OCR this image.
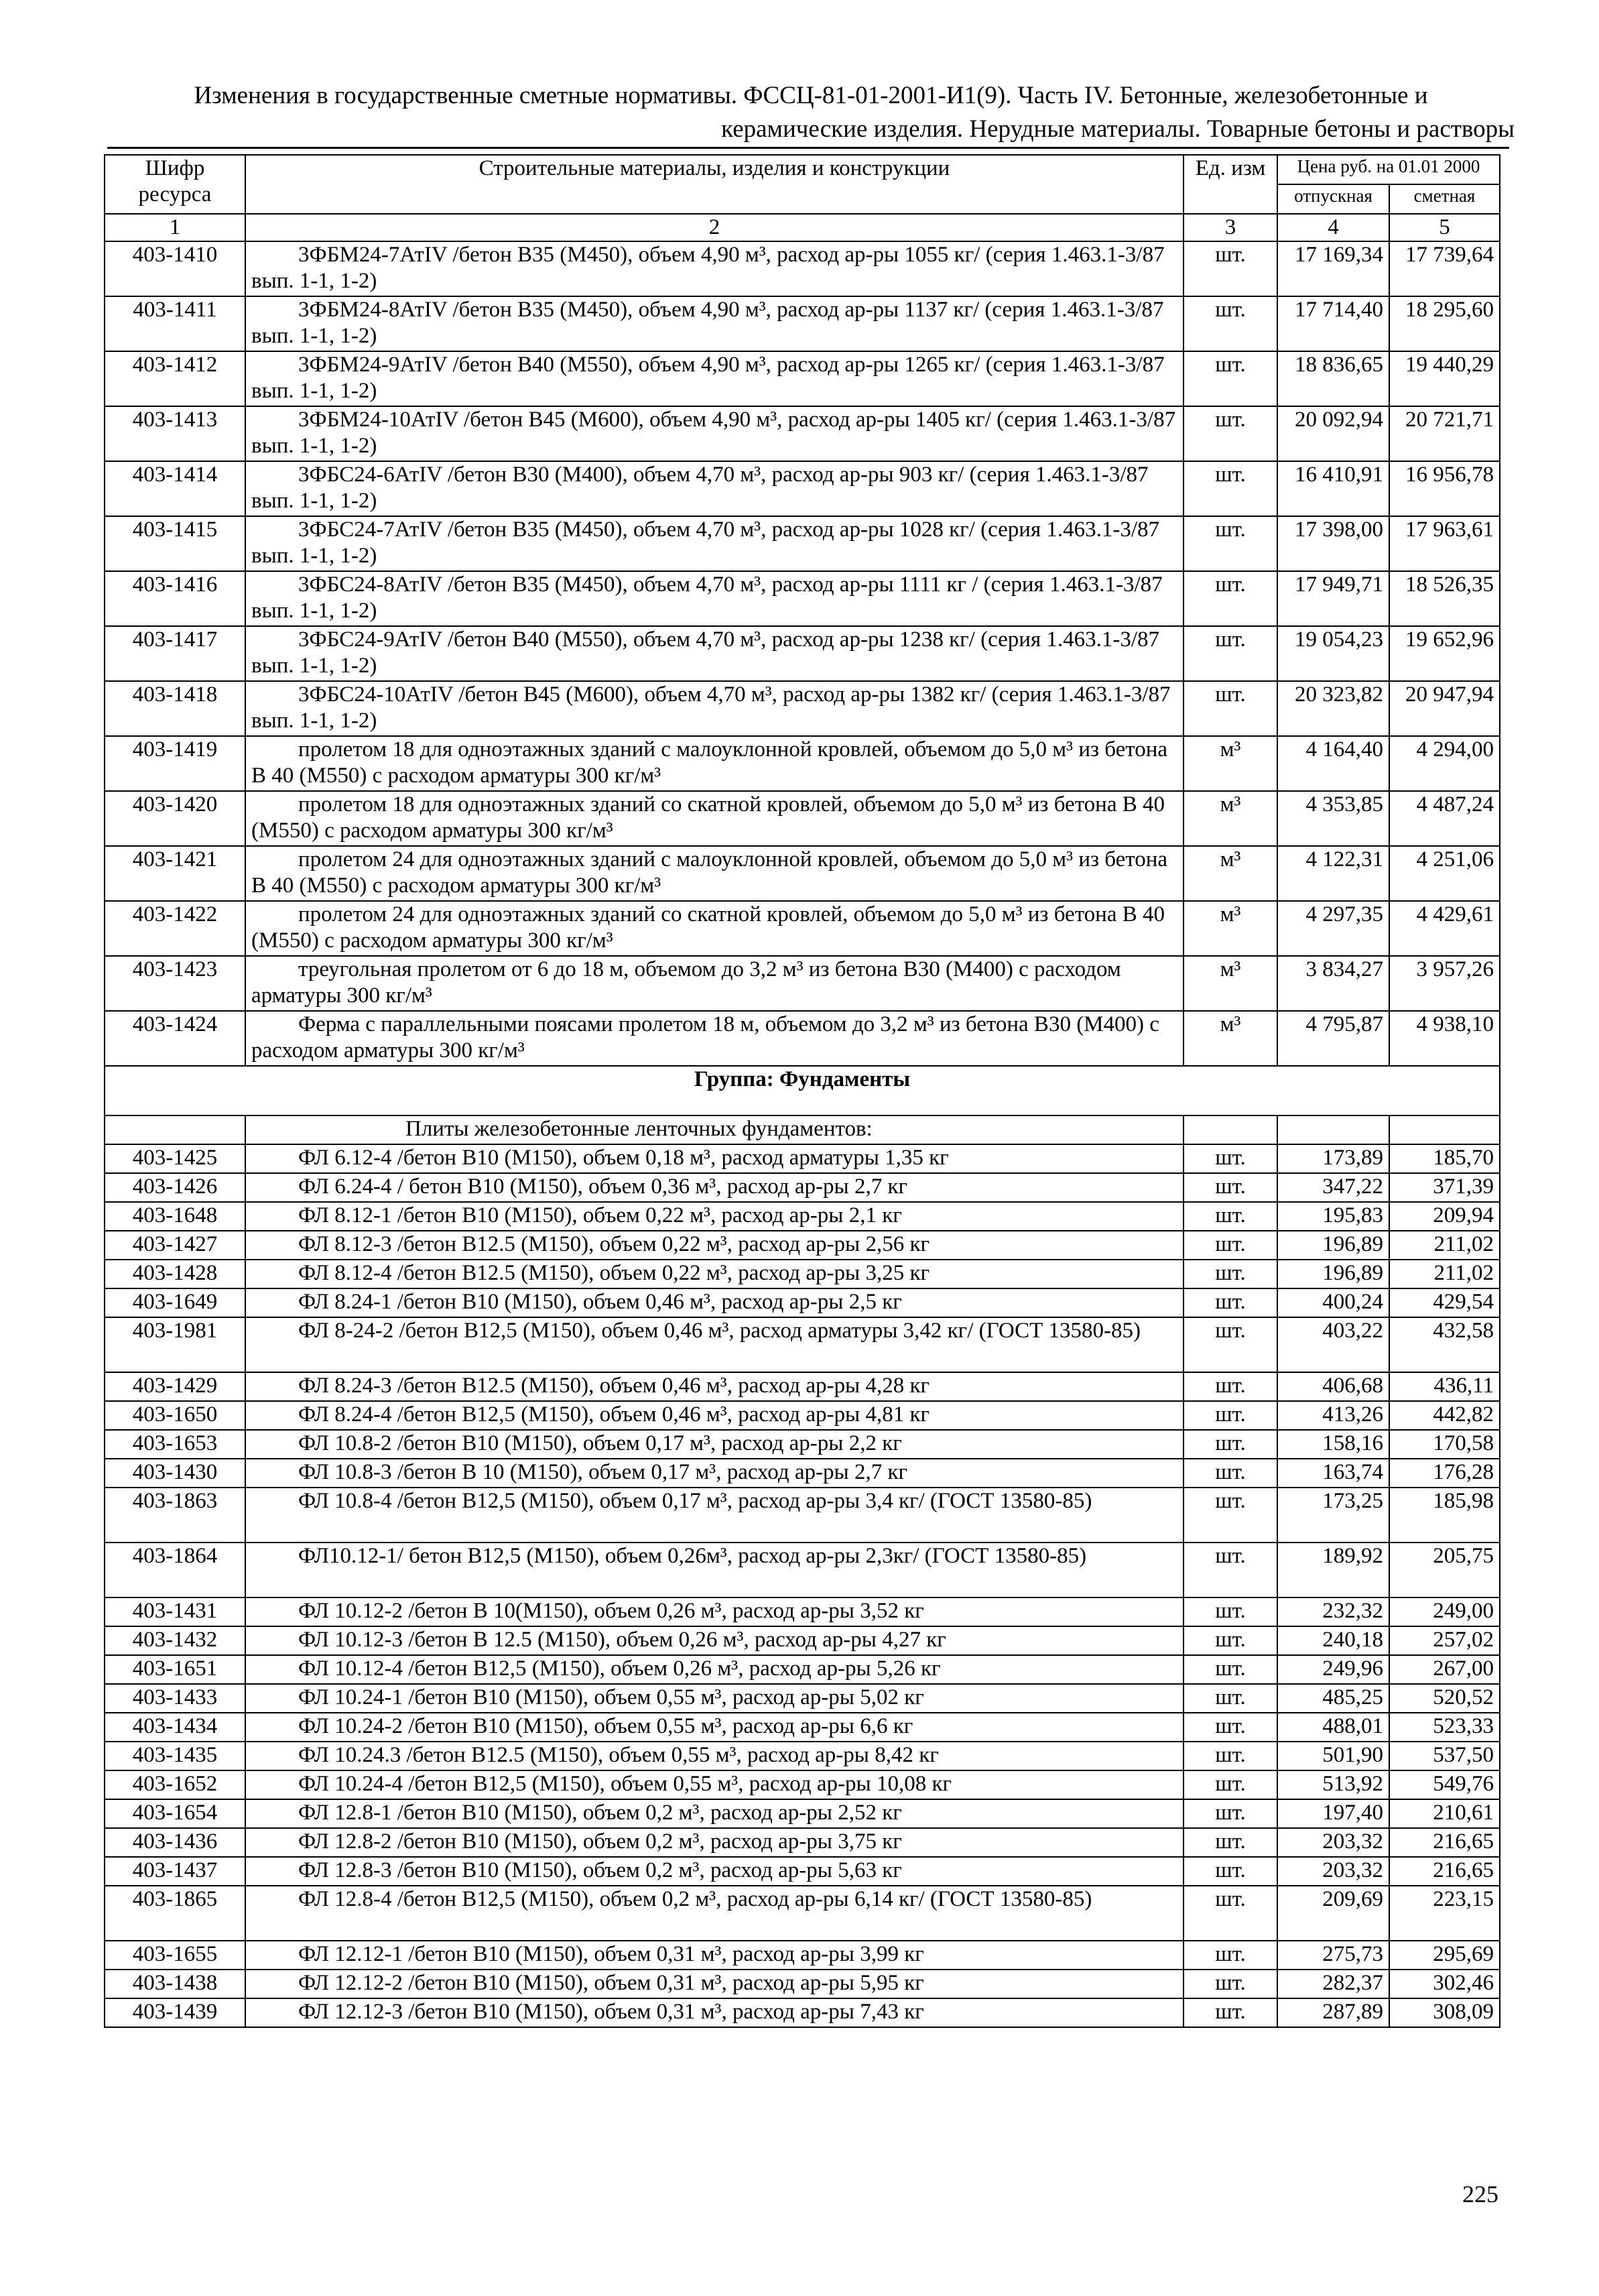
Изменения в государственные сметные нормативы. ФССЦ-81-01-2001-И1(9). Часть IV. Бетонные, железобетонные и

керамические изделия. Нерудные материалы. Товарные бетоны и растворы
Шифр ресурса	Строительные материалы, изделия и конструкции	Ед. изм	Цена руб. на 01.01 2000	
			отпускная	сметная
1	2	3	4	5
403-1410	3ФБМ24-7АтIV /бетон В35 (М450), объем 4,90 м³, расход ар-ры 1055 кг/ (серия 1.463.1-3/87 вып. 1-1, 1-2)	шт.	17 169,34	17 739,64
403-1411	3ФБМ24-8АтIV /бетон В35 (М450), объем 4,90 м³, расход ар-ры 1137 кг/ (серия 1.463.1-3/87 вып. 1-1, 1-2)	шт.	17 714,40	18 295,60
403-1412	3ФБМ24-9АтIV /бетон В40 (М550), объем 4,90 м³, расход ар-ры 1265 кг/ (серия 1.463.1-3/87 вып. 1-1, 1-2)	шт.	18 836,65	19 440,29
403-1413	3ФБМ24-10АтIV /бетон В45 (М600), объем 4,90 м³, расход ар-ры 1405 кг/ (серия 1.463.1-3/87 вып. 1-1, 1-2)	шт.	20 092,94	20 721,71
403-1414	3ФБС24-6АтIV /бетон В30 (М400), объем 4,70 м³, расход ар-ры 903 кг/ (серия 1.463.1-3/87 вып. 1-1, 1-2)	шт.	16 410,91	16 956,78
403-1415	3ФБС24-7АтIV /бетон В35 (М450), объем 4,70 м³, расход ар-ры 1028 кг/ (серия 1.463.1-3/87 вып. 1-1, 1-2)	шт.	17 398,00	17 963,61
403-1416	3ФБС24-8АтIV /бетон В35 (М450), объем 4,70 м³, расход ар-ры 1111 кг / (серия 1.463.1-3/87 вып. 1-1, 1-2)	шт.	17 949,71	18 526,35
403-1417	3ФБС24-9АтIV /бетон В40 (М550), объем 4,70 м³, расход ар-ры 1238 кг/ (серия 1.463.1-3/87 вып. 1-1, 1-2)	шт.	19 054,23	19 652,96
403-1418	3ФБС24-10АтIV /бетон В45 (М600), объем 4,70 м³, расход ар-ры 1382 кг/ (серия 1.463.1-3/87 вып. 1-1, 1-2)	шт.	20 323,82	20 947,94
403-1419	пролетом 18 для одноэтажных зданий с малоуклонной кровлей, объемом до 5,0 м³ из бетона В 40 (М550) с расходом арматуры 300 кг/м³	м³	4 164,40	4 294,00
403-1420	пролетом 18 для одноэтажных зданий со скатной кровлей, объемом до 5,0 м³ из бетона В 40 (М550) с расходом арматуры 300 кг/м³	м³	4 353,85	4 487,24
403-1421	пролетом 24 для одноэтажных зданий с малоуклонной кровлей, объемом до 5,0 м³ из бетона В 40 (М550) с расходом арматуры 300 кг/м³	м³	4 122,31	4 251,06
403-1422	пролетом 24 для одноэтажных зданий со скатной кровлей, объемом до 5,0 м³ из бетона В 40 (М550) с расходом арматуры 300 кг/м³	м³	4 297,35	4 429,61
403-1423	треугольная пролетом от 6 до 18 м, объемом до 3,2 м³ из бетона В30 (М400) с расходом арматуры 300 кг/м³	м³	3 834,27	3 957,26
403-1424	Ферма с параллельными поясами пролетом 18 м, объемом до 3,2 м³ из бетона В30 (М400) с расходом арматуры 300 кг/м³	м³	4 795,87	4 938,10
Группа: Фундаменты				
	Плиты железобетонные ленточных фундаментов:			
403-1425	ФЛ 6.12-4 /бетон В10 (М150), объем 0,18 м³, расход арматуры 1,35 кг	шт.	173,89	185,70
403-1426	ФЛ 6.24-4 / бетон В10 (М150), объем 0,36 м³, расход ар-ры 2,7 кг	шт.	347,22	371,39
403-1648	ФЛ 8.12-1 /бетон В10 (М150), объем 0,22 м³, расход ар-ры 2,1 кг	шт.	195,83	209,94
403-1427	ФЛ 8.12-3 /бетон В12.5 (М150), объем 0,22 м³, расход ар-ры 2,56 кг	шт.	196,89	211,02
403-1428	ФЛ 8.12-4 /бетон В12.5 (М150), объем 0,22 м³, расход ар-ры 3,25 кг	шт.	196,89	211,02
403-1649	ФЛ 8.24-1 /бетон В10 (М150), объем 0,46 м³, расход ар-ры 2,5 кг	шт.	400,24	429,54
403-1981	ФЛ 8-24-2 /бетон В12,5 (М150), объем 0,46 м³, расход арматуры 3,42 кг/ (ГОСТ 13580-85)	шт.	403,22	432,58
403-1429	ФЛ 8.24-3 /бетон В12.5 (М150), объем 0,46 м³, расход ар-ры 4,28 кг	шт.	406,68	436,11
403-1650	ФЛ 8.24-4 /бетон В12,5 (М150), объем 0,46 м³, расход ар-ры 4,81 кг	шт.	413,26	442,82
403-1653	ФЛ 10.8-2 /бетон В10 (М150), объем 0,17 м³, расход ар-ры 2,2 кг	шт.	158,16	170,58
403-1430	ФЛ 10.8-3 /бетон В 10 (М150), объем 0,17 м³, расход ар-ры 2,7 кг	шт.	163,74	176,28
403-1863	ФЛ 10.8-4 /бетон В12,5 (М150), объем 0,17 м³, расход ар-ры 3,4 кг/ (ГОСТ 13580-85)	шт.	173,25	185,98
403-1864	ФЛ10.12-1/ бетон В12,5 (М150), объем 0,26м³, расход ар-ры 2,3кг/ (ГОСТ 13580-85)	шт.	189,92	205,75
403-1431	ФЛ 10.12-2 /бетон В 10(М150), объем 0,26 м³, расход ар-ры 3,52 кг	шт.	232,32	249,00
403-1432	ФЛ 10.12-3 /бетон В 12.5 (М150), объем 0,26 м³, расход ар-ры 4,27 кг	шт.	240,18	257,02
403-1651	ФЛ 10.12-4 /бетон В12,5 (М150), объем 0,26 м³, расход ар-ры 5,26 кг	шт.	249,96	267,00
403-1433	ФЛ 10.24-1 /бетон В10 (М150), объем 0,55 м³, расход ар-ры 5,02 кг	шт.	485,25	520,52
403-1434	ФЛ 10.24-2 /бетон В10 (М150), объем 0,55 м³, расход ар-ры 6,6 кг	шт.	488,01	523,33
403-1435	ФЛ 10.24.3 /бетон В12.5 (М150), объем 0,55 м³, расход ар-ры 8,42 кг	шт.	501,90	537,50
403-1652	ФЛ 10.24-4 /бетон В12,5 (М150), объем 0,55 м³, расход ар-ры 10,08 кг	шт.	513,92	549,76
403-1654	ФЛ 12.8-1 /бетон В10 (М150), объем 0,2 м³, расход ар-ры 2,52 кг	шт.	197,40	210,61
403-1436	ФЛ 12.8-2 /бетон В10 (М150), объем 0,2 м³, расход ар-ры 3,75 кг	шт.	203,32	216,65
403-1437	ФЛ 12.8-3 /бетон В10 (М150), объем 0,2 м³, расход ар-ры 5,63 кг	шт.	203,32	216,65
403-1865	ФЛ 12.8-4 /бетон В12,5 (М150), объем 0,2 м³, расход ар-ры 6,14 кг/ (ГОСТ 13580-85)	шт.	209,69	223,15
403-1655	ФЛ 12.12-1 /бетон В10 (М150), объем 0,31 м³, расход ар-ры 3,99 кг	шт.	275,73	295,69
403-1438	ФЛ 12.12-2 /бетон В10 (М150), объем 0,31 м³, расход ар-ры 5,95 кг	шт.	282,37	302,46
403-1439	ФЛ 12.12-3 /бетон В10 (М150), объем 0,31 м³, расход ар-ры 7,43 кг	шт.	287,89	308,09
225
